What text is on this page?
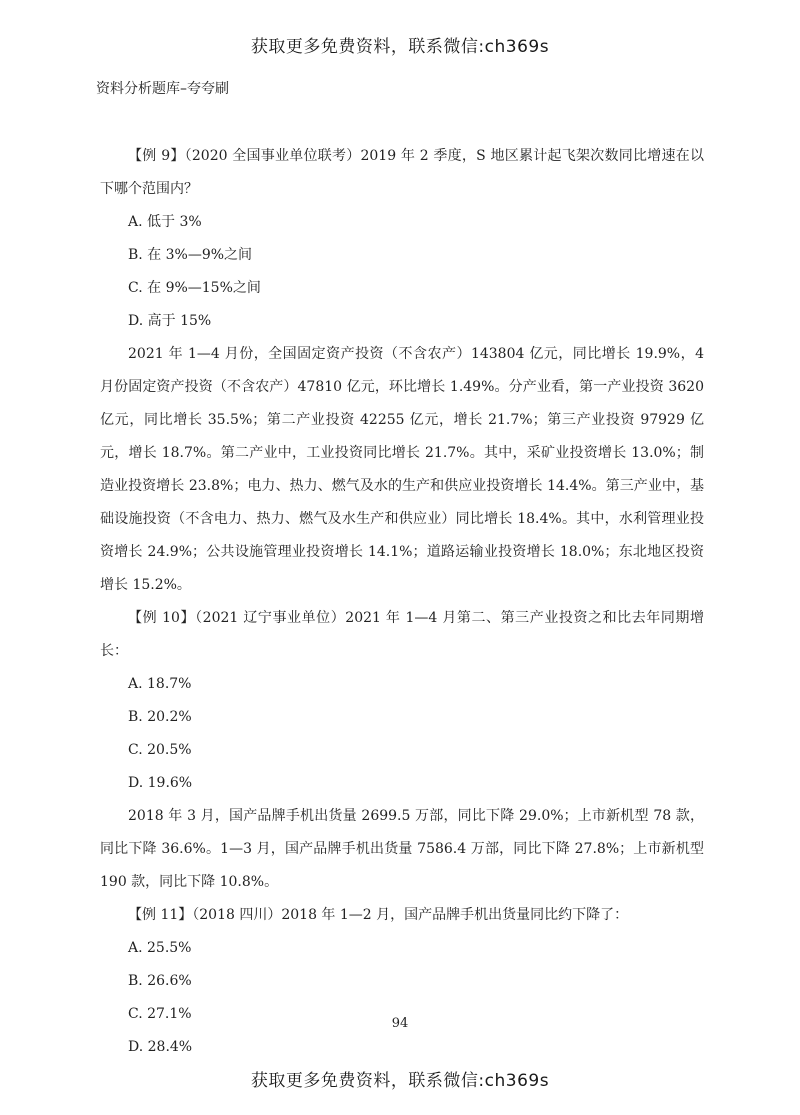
获取更多免费资料，联系微信:ch369s
资料分析题库–夸夸刷

【例 9】（2020 全国事业单位联考）2019 年 2 季度，S 地区累计起飞架次数同比增速在以下哪个范围内？

A. 低于 3%

B. 在 3%—9%之间

C. 在 9%—15%之间

D. 高于 15%

2021 年 1—4 月份，全国固定资产投资（不含农产）143804 亿元，同比增长 19.9%，4 月份固定资产投资（不含农产）47810 亿元，环比增长 1.49%。分产业看，第一产业投资 3620 亿元，同比增长 35.5%；第二产业投资 42255 亿元，增长 21.7%；第三产业投资 97929 亿元，增长 18.7%。第二产业中，工业投资同比增长 21.7%。其中，采矿业投资增长 13.0%；制造业投资增长 23.8%；电力、热力、燃气及水的生产和供应业投资增长 14.4%。第三产业中，基础设施投资（不含电力、热力、燃气及水生产和供应业）同比增长 18.4%。其中，水利管理业投资增长 24.9%；公共设施管理业投资增长 14.1%；道路运输业投资增长 18.0%；东北地区投资增长 15.2%。

【例 10】（2021 辽宁事业单位）2021 年 1—4 月第二、第三产业投资之和比去年同期增长：

A. 18.7%

B. 20.2%

C. 20.5%

D. 19.6%

2018 年 3 月，国产品牌手机出货量 2699.5 万部，同比下降 29.0%；上市新机型 78 款，同比下降 36.6%。1—3 月，国产品牌手机出货量 7586.4 万部，同比下降 27.8%；上市新机型 190 款，同比下降 10.8%。

【例 11】（2018 四川）2018 年 1—2 月，国产品牌手机出货量同比约下降了：

A. 25.5%

B. 26.6%

C. 27.1%

D. 28.4%

94
获取更多免费资料，联系微信:ch369s
